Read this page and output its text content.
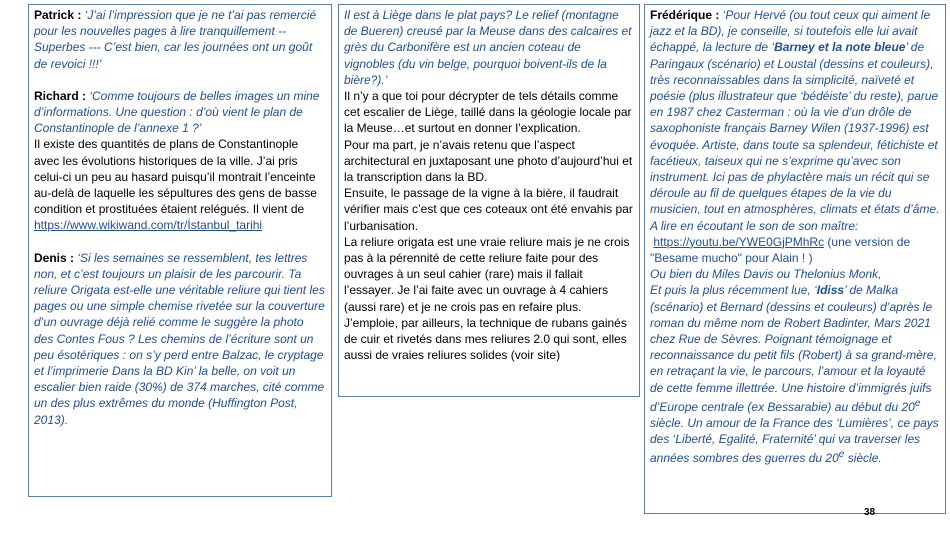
Patrick : ‘J’ai l’impression que je ne t’ai pas remercié pour les nouvelles pages à lire tranquillement -- Superbes --- C’est bien, car les journées ont un goût de revoici !!!’

Richard : ‘Comme toujours de belles images un mine d’informations. Une question : d’où vient le plan de Constantinople de l’annexe 1 ?’

Il existe des quantités de plans de Constantinople avec les évolutions historiques de la ville. J’ai pris celui-ci un peu au hasard puisqu’il montrait l’enceinte au-delà de laquelle les sépultures des gens de basse condition et prostituées étaient relégués. Il vient de https://www.wikiwand.com/tr/İstanbul_tarihi

Denis : ‘Si les semaines se ressemblent, tes lettres non, et c’est toujours un plaisir de les parcourir. Ta reliure Origata est-elle une véritable reliure qui tient les pages ou une simple chemise rivetée sur la couverture d’un ouvrage déjà relié comme le suggère la photo des Contes Fous ? Les chemins de l’écriture sont un peu ésotériques : on s’y perd entre Balzac, le cryptage et l’imprimerie Dans la BD Kin’ la belle, on voit un escalier bien raide (30%) de 374 marches, cité comme un des plus extrêmes du monde (Huffington Post, 2013).

Il est à Liège dans le plat pays? Le relief (montagne de Bueren) creusé par la Meuse dans des calcaires et grès du Carbonifère est un ancien coteau de vignobles (du vin belge, pourquoi boivent-ils de la bière?).’

Il n’y a que toi pour décrypter de tels détails comme cet escalier de Liège, taillé dans la géologie locale par la Meuse…et surtout en donner l’explication.

Pour ma part, je n’avais retenu que l’aspect architectural en juxtaposant une photo d’aujourd’hui et la transcription dans la BD.

Ensuite, le passage de la vigne à la bière, il faudrait vérifier mais c’est que ces coteaux ont été envahis par l’urbanisation.

La reliure origata est une vraie reliure mais je ne crois pas à la pérennité de cette reliure faite pour des ouvrages à un seul cahier (rare) mais il fallait l’essayer. Je l’ai faite avec un ouvrage à 4 cahiers (aussi rare) et je ne crois pas en refaire plus.

J’emploie, par ailleurs, la technique de rubans gainés de cuir et rivetés dans mes reliures 2.0 qui sont, elles aussi de vraies reliures solides (voir site)

Frédérique : ‘Pour Hervé (ou tout ceux qui aiment le jazz et la BD), je conseille, si toutefois elle lui avait échappé, la lecture de ‘Barney et la note bleue’ de Paringaux (scénario) et Loustal (dessins et couleurs), très reconnaissables dans la simplicité, naïveté et poésie (plus illustrateur que ‘bédéiste’ du reste), parue en 1987 chez Casterman : où la vie d’un drôle de saxophoniste français Barney Wilen (1937-1996) est évoquée. Artiste, dans toute sa splendeur, fétichiste et facétieux, taiseux qui ne s’exprime qu’avec son instrument. Ici pas de phylactère mais un récit qui se déroule au fil de quelques étapes de la vie du musicien, tout en atmosphères, climats et états d’âme. A lire en écoutant le son de son maître:

https://youtu.be/YWE0GjPMhRc (une version de "Besame mucho" pour Alain ! )

Ou bien du Miles Davis ou Thelonius Monk,

Et puis la plus récemment lue, ‘Idiss’ de Malka (scénario) et Bernard (dessins et couleurs) d’après le roman du même nom de Robert Badinter, Mars 2021 chez Rue de Sèvres. Poignant témoignage et reconnaissance du petit fils (Robert) à sa grand-mère, en retraçant la vie, le parcours, l’amour et la loyauté de cette femme illettrée. Une histoire d’immigrés juifs d’Europe centrale (ex Bessarabie) au début du 20e siècle. Un amour de la France des ‘Lumières’, ce pays des ‘Liberté, Egalité, Fraternité’ qui va traverser les années sombres des guerres du 20e siècle.

38
